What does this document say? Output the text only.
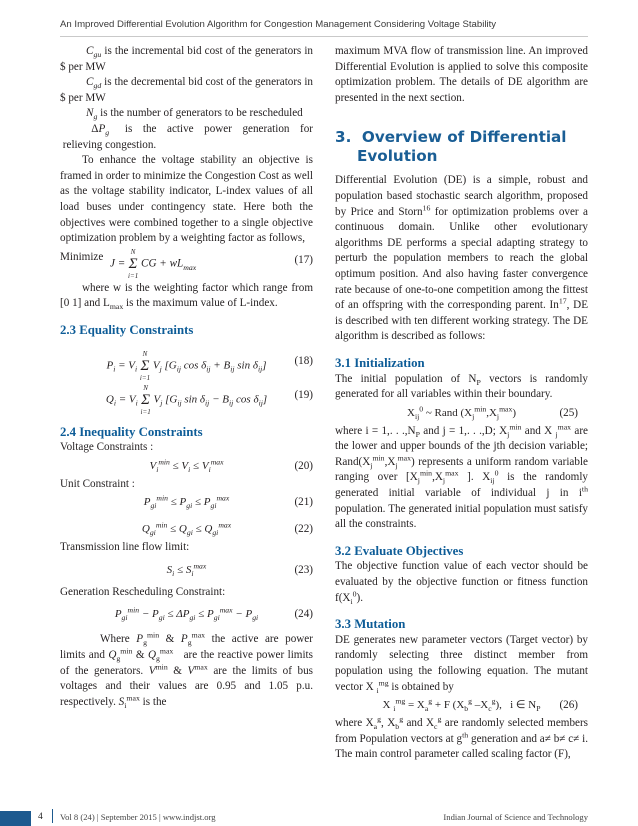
An Improved Differential Evolution Algorithm for Congestion Management Considering Voltage Stability

$C_{gu}$ is the incremental bid cost of the generators in $ per MW

$C_{gd}$ is the decremental bid cost of the generators in $ per MW

$N_g$ is the number of generators to be rescheduled

$\Delta P_g$   is  the  active  power  generation  for  relieving congestion.

To enhance the voltage stability an objective is framed in order to minimize the Congestion Cost as well as the voltage stability indicator, L-index values of all load buses under contingency state. Here both the objectives were combined together to a single objective optimization problem by a weighting factor as follows,

Minimize
J = N
Σ
i=1 CG + $wL_{max}$
(17)

where w is the weighting factor which range from [0 1] and $L_{max}$ is the maximum value of L-index.

2.3 Equality Constraints

$P_i = V_i$ N
Σ
i=1 $V_j$ [$G_{ij}$ $\cos \delta_{ij} + B_{ij}$ $\sin \delta_{ij}$]	(18)
$Q_i = V_i$ N
Σ
i=1 $V_j$ [$G_{ij}$ $\sin \delta_{ij} - B_{ij}$ $\cos \delta_{ij}$]	(19)

2.4 Inequality Constraints

Voltage Constraints :

$V_i^{min} \le V_i \le V_i^{max}$	(20)

Unit Constraint :

$P_{gi}^{min} \le P_{gi} \le P_{gi}^{max}$	(21)
$Q_{gi}^{min} \le Q_{gi} \le Q_{gi}^{max}$	(22)

Transmission line flow limit:

$S_i \le S_i^{max}$	(23)

Generation Rescheduling Constraint:

$P_{gi}^{min} - P_{gi} \le \Delta P_{gi} \le P_{gi}^{max} - P_{gi}$	(24)

Where $P_g^{min}$ & $P_g^{max}$ the active are power limits and $Q_g^{min}$ & $Q_g^{max}$   are the reactive power limits of the generators. $V^{min}$ & $V^{max}$ are the limits of bus voltages and their values are 0.95 and 1.05 p.u. respectively. $S_i^{max}$ is the

maximum MVA flow of transmission line. An improved Differential Evolution is applied to solve this composite optimization problem. The details of DE algorithm are presented in the next section.

3.  Overview of Differential
Evolution

Differential Evolution (DE) is a simple, robust and population based stochastic search algorithm, proposed by Price and Storn$^{16}$ for optimization problems over a continuous domain. Unlike other evolutionary algorithms DE performs a special adapting strategy to perturb the population members to reach the global optimum position. And also having faster convergence rate because of one-to-one competition among the fittest of an offspring with the corresponding parent. In$^{17}$, DE is described with ten different working strategy. The DE algorithm is described as follows:

3.1 Initialization

The initial population of $N_P$ vectors is randomly generated for all variables within their boundary.

$X_{ij}^0$ ~ Rand $(X_j^{min},X_j^{max})$	(25)

where i = 1,. . $.,N_P$ and j = 1,. . .,D; $X_j^{min}$ and X $_j^{max}$ are the lower and upper bounds of the jth decision variable; $Rand(X_j^{min},X_j^{max})$ represents a uniform random variable ranging over [$X_j^{min},X_j^{max}$ ]. $X_{ij}^0$ is the randomly generated initial variable of individual j in $i^{th}$ population. The generated initial population must satisfy all the constraints.

3.2 Evaluate Objectives

The objective function value of each vector should be evaluated by the objective function or fitness function $f(X_i^0)$.

3.3 Mutation

DE generates new parameter vectors (Target vector) by randomly selecting three distinct member from population using the following equation. The mutant vector X $_i^{mg}$ is obtained by

X $_i^{mg} = X_a^g + F$ ($X_b^g$ $-X_c^g$),   i ∈ $N_P$	(26)

where $X_a^g$, $X_b^g$ and $X_c^g$ are randomly selected members from Population vectors at $g^{th}$ generation and a≠ b≠ c≠ i. The main control parameter called scaling factor (F),

4 Vol 8 (24) | September 2015 | www.indjst.org	Indian Journal of Science and Technology
